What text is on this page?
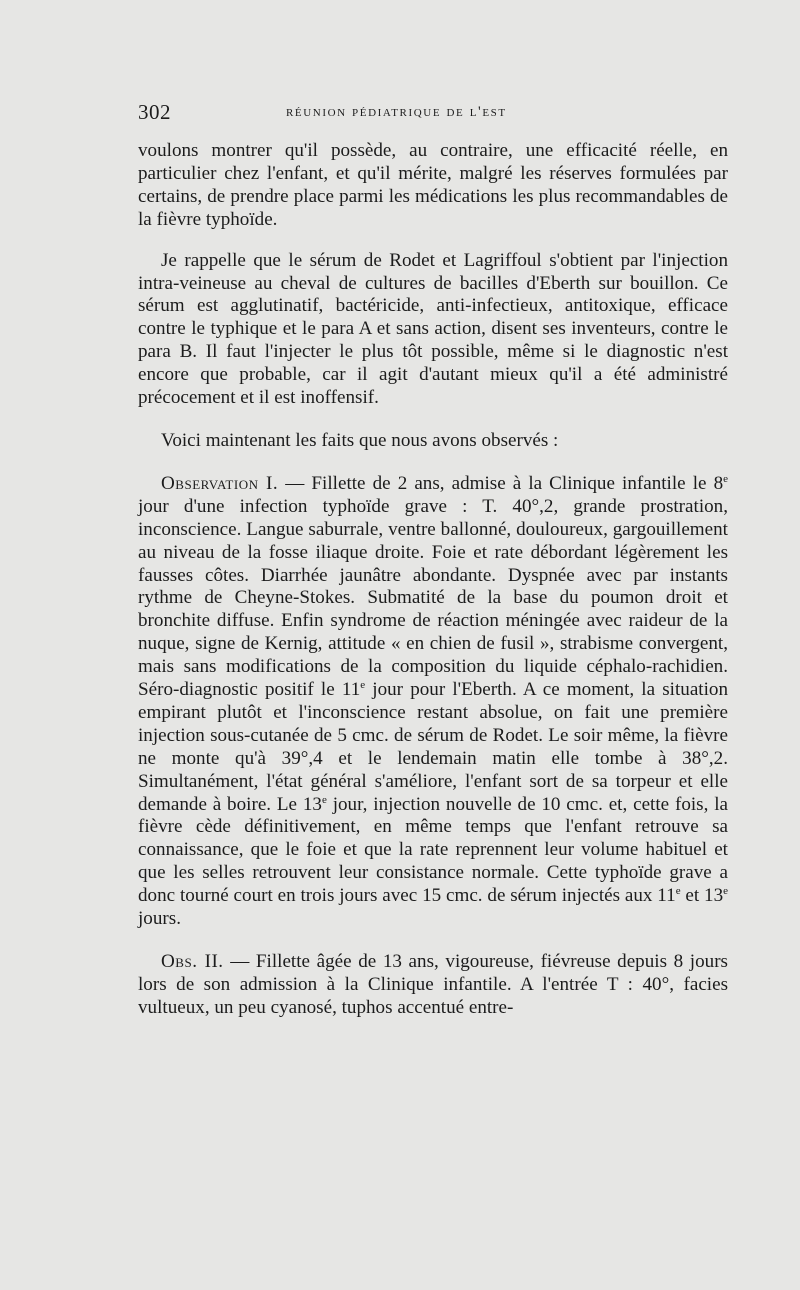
302	réunion pédiatrique de l'est

voulons montrer qu'il possède, au contraire, une efficacité réelle, en particulier chez l'enfant, et qu'il mérite, malgré les réserves formulées par certains, de prendre place parmi les médications les plus recommandables de la fièvre typhoïde.

Je rappelle que le sérum de Rodet et Lagriffoul s'obtient par l'injection intra-veineuse au cheval de cultures de bacilles d'Eberth sur bouillon. Ce sérum est agglutinatif, bactéricide, anti-infectieux, antitoxique, efficace contre le typhique et le para A et sans action, disent ses inventeurs, contre le para B. Il faut l'injecter le plus tôt possible, même si le diagnostic n'est encore que probable, car il agit d'autant mieux qu'il a été administré précocement et il est inoffensif.

Voici maintenant les faits que nous avons observés :

Observation I. — Fillette de 2 ans, admise à la Clinique infantile le 8e jour d'une infection typhoïde grave : T. 40°,2, grande prostration, inconscience. Langue saburrale, ventre ballonné, douloureux, gargouillement au niveau de la fosse iliaque droite. Foie et rate débordant légèrement les fausses côtes. Diarrhée jaunâtre abondante. Dyspnée avec par instants rythme de Cheyne-Stokes. Submatité de la base du poumon droit et bronchite diffuse. Enfin syndrome de réaction méningée avec raideur de la nuque, signe de Kernig, attitude « en chien de fusil », strabisme convergent, mais sans modifications de la composition du liquide céphalo-rachidien. Séro-diagnostic positif le 11e jour pour l'Eberth. A ce moment, la situation empirant plutôt et l'inconscience restant absolue, on fait une première injection sous-cutanée de 5 cmc. de sérum de Rodet. Le soir même, la fièvre ne monte qu'à 39°,4 et le lendemain matin elle tombe à 38°,2. Simultanément, l'état général s'améliore, l'enfant sort de sa torpeur et elle demande à boire. Le 13e jour, injection nouvelle de 10 cmc. et, cette fois, la fièvre cède définitivement, en même temps que l'enfant retrouve sa connaissance, que le foie et que la rate reprennent leur volume habituel et que les selles retrouvent leur consistance normale. Cette typhoïde grave a donc tourné court en trois jours avec 15 cmc. de sérum injectés aux 11e et 13e jours.

Obs. II. — Fillette âgée de 13 ans, vigoureuse, fiévreuse depuis 8 jours lors de son admission à la Clinique infantile. A l'entrée T : 40°, facies vultueux, un peu cyanosé, tuphos accentué entre-
